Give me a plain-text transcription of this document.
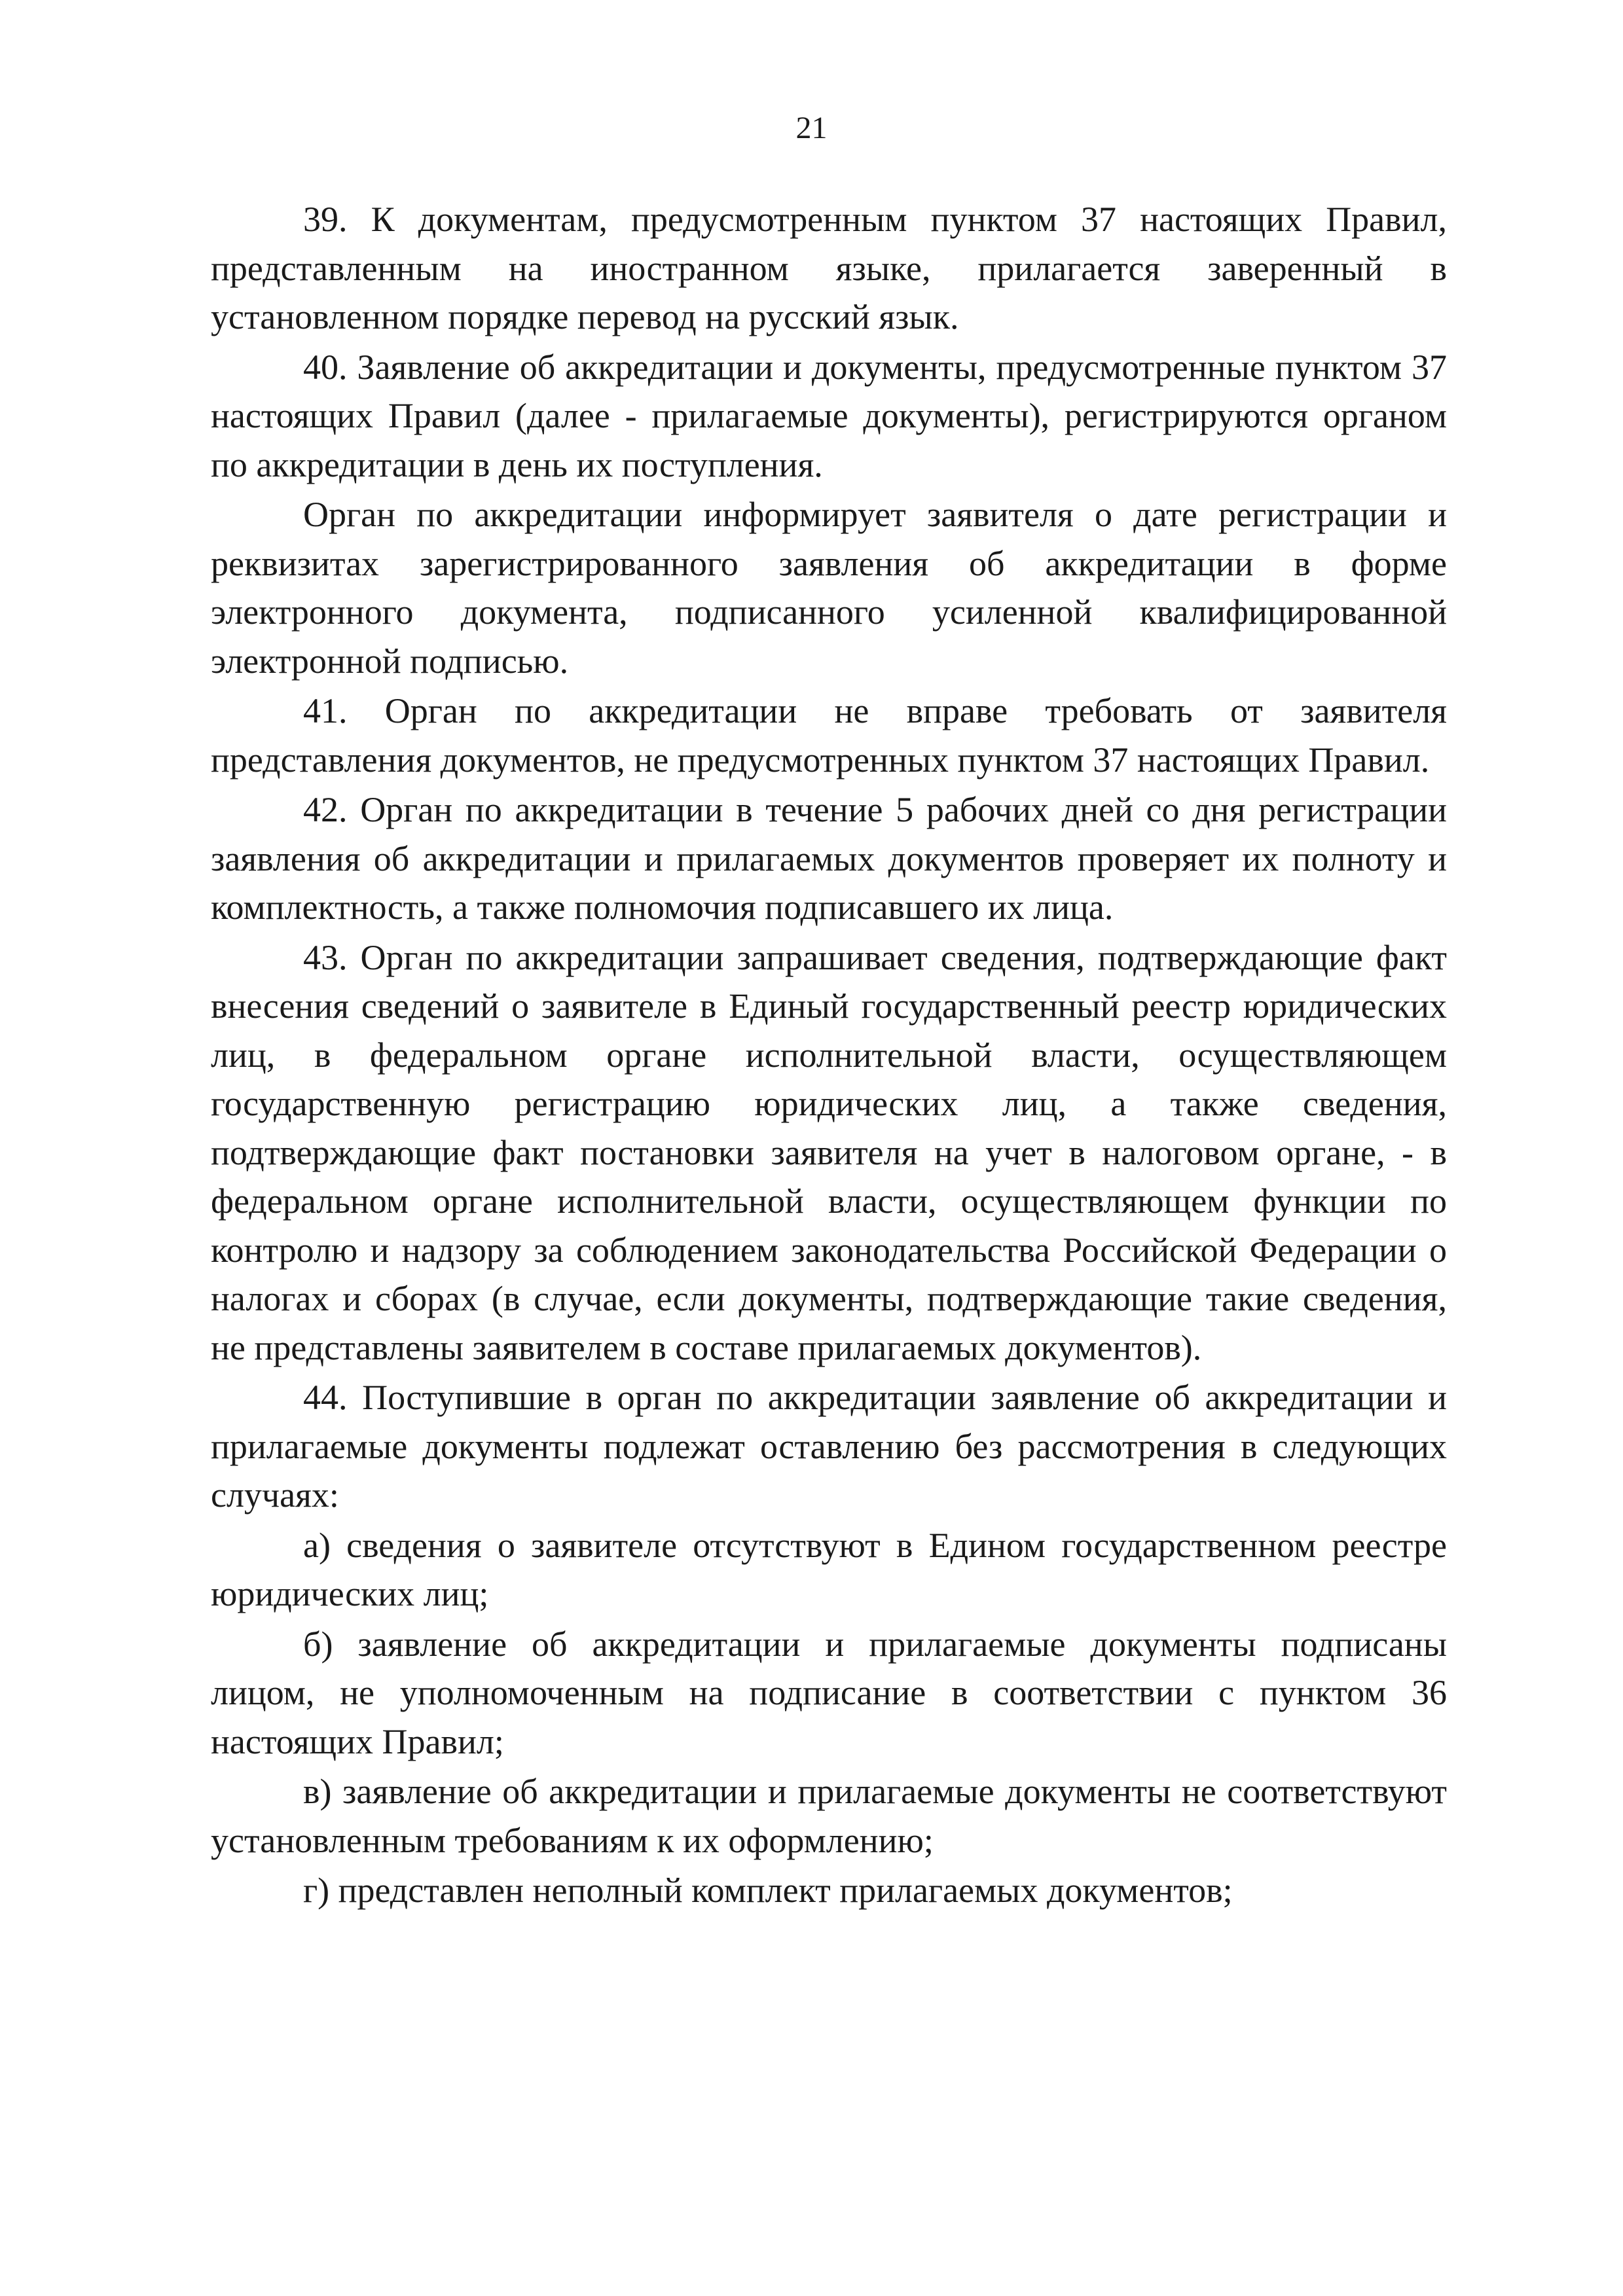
21

39. К документам, предусмотренным пунктом 37 настоящих Правил, представленным на иностранном языке, прилагается заверенный в установленном порядке перевод на русский язык.

40. Заявление об аккредитации и документы, предусмотренные пунктом 37 настоящих Правил (далее - прилагаемые документы), регистрируются органом по аккредитации в день их поступления.

Орган по аккредитации информирует заявителя о дате регистрации и реквизитах зарегистрированного заявления об аккредитации в форме электронного документа, подписанного усиленной квалифицированной электронной подписью.

41. Орган по аккредитации не вправе требовать от заявителя представления документов, не предусмотренных пунктом 37 настоящих Правил.

42. Орган по аккредитации в течение 5 рабочих дней со дня регистрации заявления об аккредитации и прилагаемых документов проверяет их полноту и комплектность, а также полномочия подписавшего их лица.

43. Орган по аккредитации запрашивает сведения, подтверждающие факт внесения сведений о заявителе в Единый государственный реестр юридических лиц, в федеральном органе исполнительной власти, осуществляющем государственную регистрацию юридических лиц, а также сведения, подтверждающие факт постановки заявителя на учет в налоговом органе, - в федеральном органе исполнительной власти, осуществляющем функции по контролю и надзору за соблюдением законодательства Российской Федерации о налогах и сборах (в случае, если документы, подтверждающие такие сведения, не представлены заявителем в составе прилагаемых документов).

44. Поступившие в орган по аккредитации заявление об аккредитации и прилагаемые документы подлежат оставлению без рассмотрения в следующих случаях:

а) сведения о заявителе отсутствуют в Едином государственном реестре юридических лиц;

б) заявление об аккредитации и прилагаемые документы подписаны лицом, не уполномоченным на подписание в соответствии с пунктом 36 настоящих Правил;

в) заявление об аккредитации и прилагаемые документы не соответствуют установленным требованиям к их оформлению;

г) представлен неполный комплект прилагаемых документов;
